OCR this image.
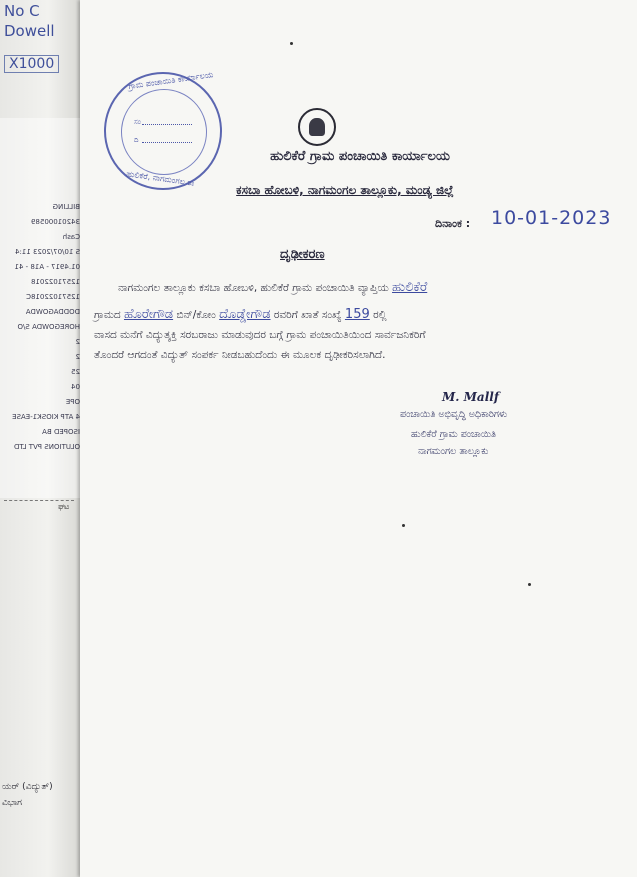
No C
Dowell
X1000
BILLING
34201000589
Cash
S 10/07/2023 11:4
01.4917 - A18 - 41
12571022018
12571022018C
DODDAGOWDA
HOREGOWDA S/O
2
2
25
04
OPE
4 ATP KIOSK1-EASE
ISOPED BA
OLUTIONS PVT LTD
ಘಟ
ಯರ್ (ವಿದ್ಯುತ್)
ವಿಭಾಗ
ಗ್ರಾಮ ಪಂಚಾಯಿತಿ ಕಾರ್ಯಾಲಯ
ಹುಲಿಕೆರೆ, ನಾಗಮಂಗಲ ತಾ
ಸಂ
ದಿ
ಹುಲಿಕೆರೆ ಗ್ರಾಮ ಪಂಚಾಯಿತಿ ಕಾರ್ಯಾಲಯ
ಕಸಬಾ ಹೋಬಳಿ, ನಾಗಮಂಗಲ ತಾಲ್ಲೂಕು, ಮಂಡ್ಯ ಜಿಲ್ಲೆ
ದಿನಾಂಕ : 10-01-2023
ದೃಢೀಕರಣ
ನಾಗಮಂಗಲ ತಾಲ್ಲೂಕು ಕಸಬಾ ಹೋಬಳಿ, ಹುಲಿಕೆರೆ ಗ್ರಾಮ ಪಂಚಾಯಿತಿ ವ್ಯಾಪ್ತಿಯ ಹುಲಿಕೆರೆ
ಗ್ರಾಮದ ಹೊರೇಗೌಡ ಬಿನ್/ಕೋಂ ದೊಡ್ಡೇಗೌಡ ರವರಿಗೆ ಖಾತೆ ಸಂಖ್ಯೆ 159 ರಲ್ಲಿ
ವಾಸದ ಮನೆಗೆ ವಿದ್ಯುತ್ಶಕ್ತಿ ಸರಬರಾಜು ಮಾಡುವುದರ ಬಗ್ಗೆ ಗ್ರಾಮ ಪಂಚಾಯಿತಿಯಿಂದ ಸಾರ್ವಜನಿಕರಿಗೆ
ತೊಂದರೆ ಆಗದಂತೆ ವಿದ್ಯುತ್ ಸಂಪರ್ಕ ನೀಡಬಹುದೆಂದು ಈ ಮೂಲಕ ದೃಢೀಕರಿಸಲಾಗಿದೆ.
M. Mallf
ಪಂಚಾಯಿತಿ ಅಭಿವೃದ್ಧಿ ಅಧಿಕಾರಿಗಳು
ಹುಲಿಕೆರೆ ಗ್ರಾಮ ಪಂಚಾಯಿತಿ
ನಾಗಮಂಗಲ ತಾಲ್ಲೂಕು
